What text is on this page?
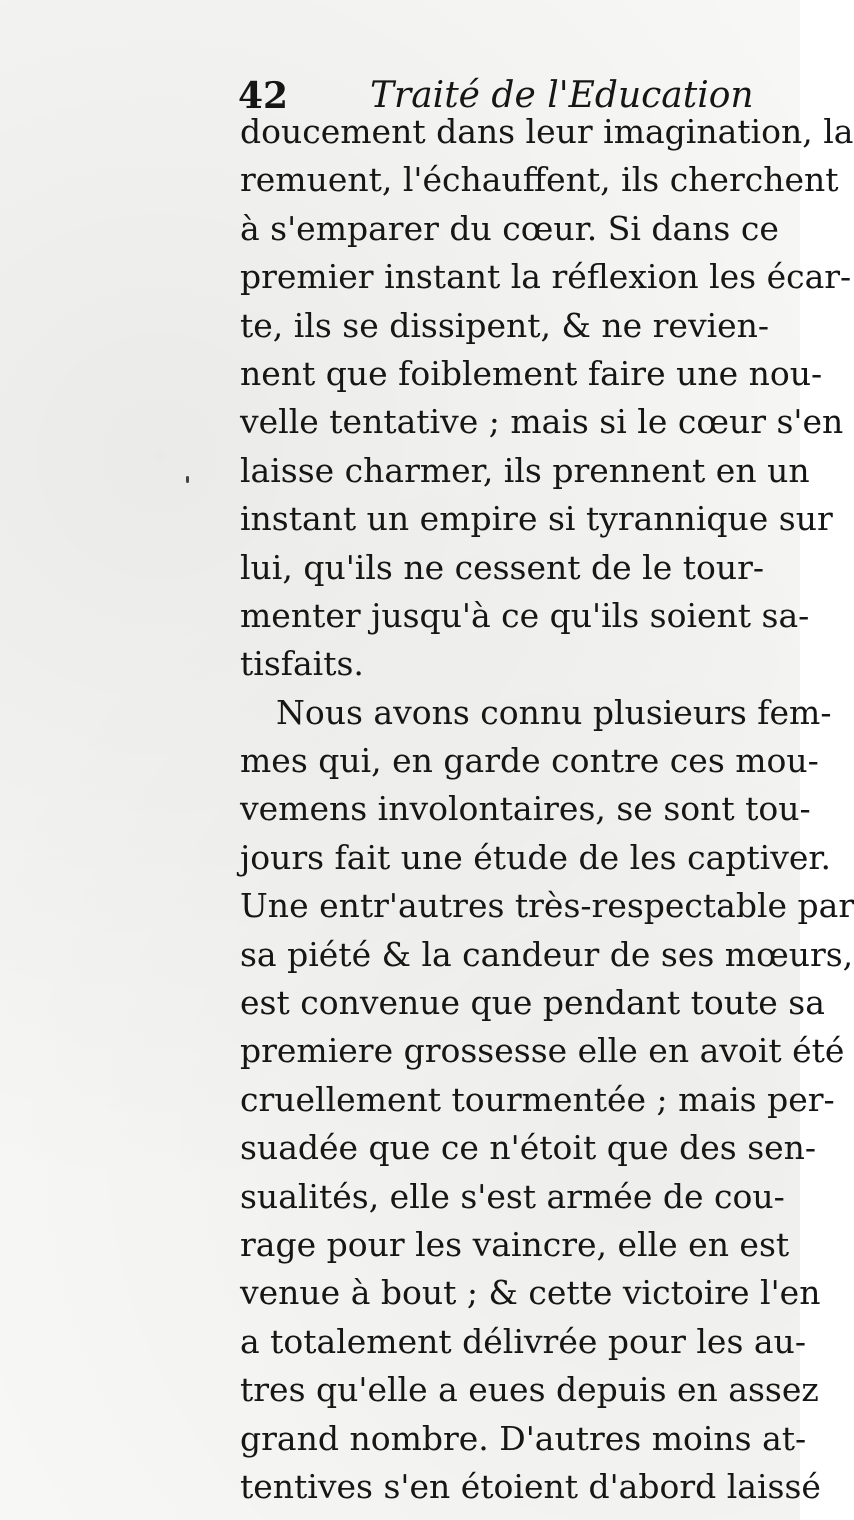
42 Traité de l'Education
doucement dans leur imagination, la
remuent, l'échauffent, ils cherchent
à s'emparer du cœur. Si dans ce
premier instant la réflexion les écar-
te, ils se dissipent, & ne revien-
nent que foiblement faire une nou-
velle tentative ; mais si le cœur s'en
laisse charmer, ils prennent en un
instant un empire si tyrannique sur
lui, qu'ils ne cessent de le tour-
menter jusqu'à ce qu'ils soient sa-
tisfaits.
Nous avons connu plusieurs fem-
mes qui, en garde contre ces mou-
vemens involontaires, se sont tou-
jours fait une étude de les captiver.
Une entr'autres très-respectable par
sa piété & la candeur de ses mœurs,
est convenue que pendant toute sa
premiere grossesse elle en avoit été
cruellement tourmentée ; mais per-
suadée que ce n'étoit que des sen-
sualités, elle s'est armée de cou-
rage pour les vaincre, elle en est
venue à bout ; & cette victoire l'en
a totalement délivrée pour les au-
tres qu'elle a eues depuis en assez
grand nombre. D'autres moins at-
tentives s'en étoient d'abord laissé
